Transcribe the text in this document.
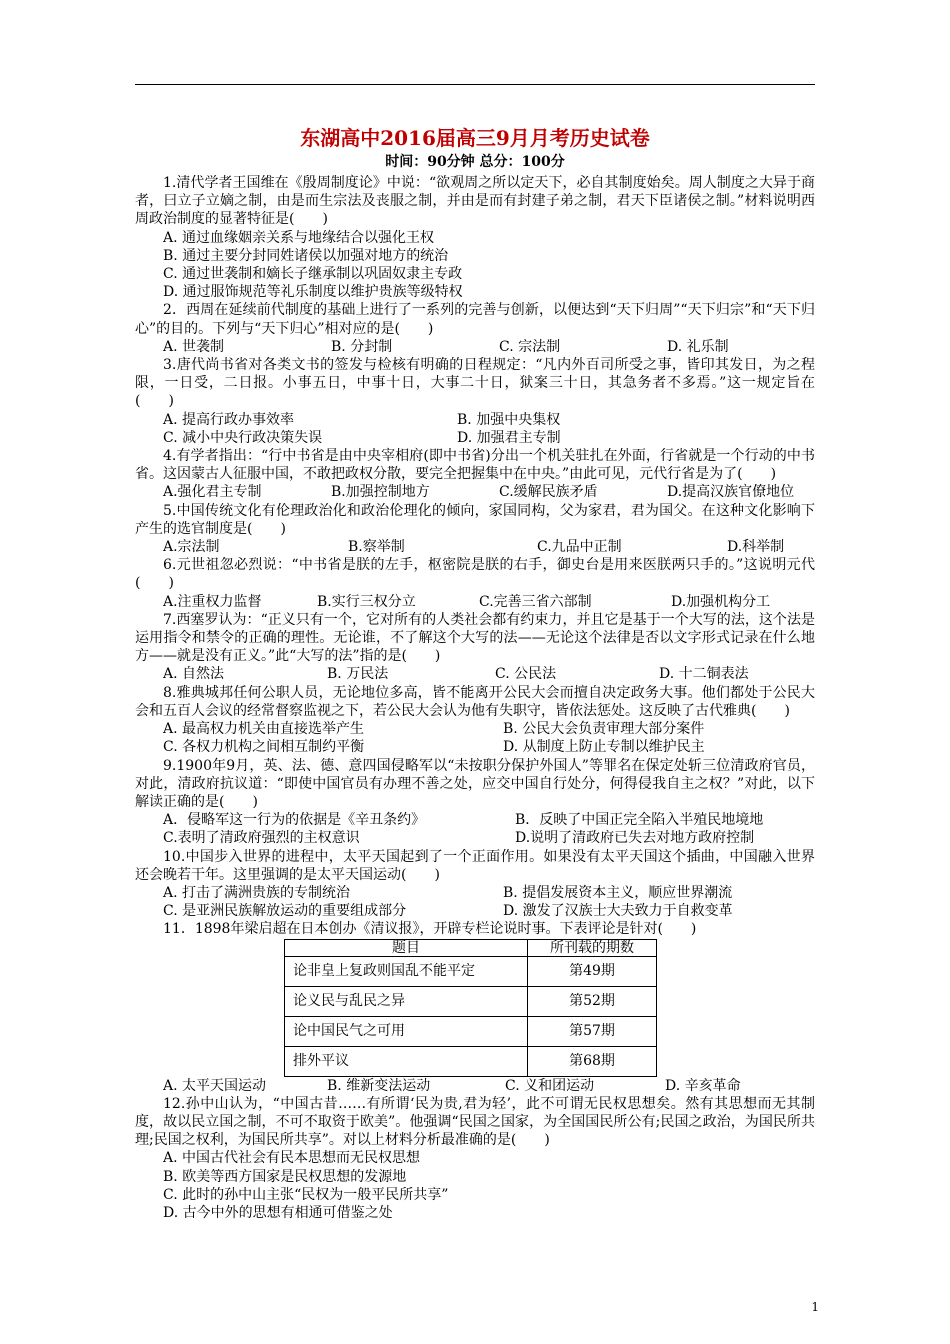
东湖高中2016届高三9月月考历史试卷
时间：90分钟 总分：100分

1.清代学者王国维在《殷周制度论》中说：“欲观周之所以定天下，必自其制度始矣。周人制度之大异于商者，曰立子立嫡之制，由是而生宗法及丧服之制，并由是而有封建子弟之制，君天下臣诸侯之制。”材料说明西周政治制度的显著特征是(　　)

A. 通过血缘姻亲关系与地缘结合以强化王权

B. 通过主要分封同姓诸侯以加强对地方的统治

C. 通过世袭制和嫡长子继承制以巩固奴隶主专政

D. 通过服饰规范等礼乐制度以维护贵族等级特权

2．西周在延续前代制度的基础上进行了一系列的完善与创新，以便达到“天下归周”“天下归宗”和“天下归心”的目的。下列与“天下归心”相对应的是(　　)

A. 世袭制	B. 分封制	C. 宗法制	D. 礼乐制

3.唐代尚书省对各类文书的签发与检核有明确的日程规定：“凡内外百司所受之事，皆印其发日，为之程限，一日受，二日报。小事五日，中事十日，大事二十日，狱案三十日，其急务者不多焉。”这一规定旨在(　　)

A. 提高行政办事效率	B. 加强中央集权
C. 减小中央行政决策失误	D. 加强君主专制

4.有学者指出：“行中书省是由中央宰相府(即中书省)分出一个机关驻扎在外面，行省就是一个行动的中书省。这因蒙古人征服中国，不敢把政权分散，要完全把握集中在中央。”由此可见，元代行省是为了(　　)

A.强化君主专制	B.加强控制地方	C.缓解民族矛盾	D.提高汉族官僚地位

5.中国传统文化有伦理政治化和政治伦理化的倾向，家国同构，父为家君，君为国父。在这种文化影响下产生的选官制度是(　　)

A.宗法制	B.察举制	C.九品中正制	D.科举制

6.元世祖忽必烈说：“中书省是朕的左手，枢密院是朕的右手，御史台是用来医朕两只手的。”这说明元代(　　)

A.注重权力监督	B.实行三权分立	C.完善三省六部制	D.加强机构分工

7.西塞罗认为：“正义只有一个，它对所有的人类社会都有约束力，并且它是基于一个大写的法，这个法是运用指令和禁令的正确的理性。无论谁，不了解这个大写的法——无论这个法律是否以文字形式记录在什么地方——就是没有正义。”此“大写的法”指的是(　　)

A. 自然法	B. 万民法	C. 公民法	D. 十二铜表法

8.雅典城邦任何公职人员，无论地位多高，皆不能离开公民大会而擅自决定政务大事。他们都处于公民大会和五百人会议的经常督察监视之下，若公民大会认为他有失职守，皆依法惩处。这反映了古代雅典(　　)

A. 最高权力机关由直接选举产生	B. 公民大会负责审理大部分案件
C. 各权力机构之间相互制约平衡	D. 从制度上防止专制以维护民主

9.1900年9月，英、法、德、意四国侵略军以“未按职分保护外国人”等罪名在保定处斩三位清政府官员，对此，清政府抗议道：“即使中国官员有办理不善之处，应交中国自行处分，何得侵我自主之权？”对此，以下解读正确的是(　　)

A．侵略军这一行为的依据是《辛丑条约》	B．反映了中国正完全陷入半殖民地境地
C.表明了清政府强烈的主权意识	D.说明了清政府已失去对地方政府控制

10.中国步入世界的进程中，太平天国起到了一个正面作用。如果没有太平天国这个插曲，中国融入世界还会晚若干年。这里强调的是太平天国运动(　　)

A. 打击了满洲贵族的专制统治	B. 提倡发展资本主义，顺应世界潮流
C. 是亚洲民族解放运动的重要组成部分	D. 激发了汉族士大夫致力于自救变革

11．1898年梁启超在日本创办《清议报》，开辟专栏论说时事。下表评论是针对(　　)

题目	所刊载的期数
论非皇上复政则国乱不能平定	第49期
论义民与乱民之异	第52期
论中国民气之可用	第57期
排外平议	第68期
A. 太平天国运动	B. 维新变法运动	C. 义和团运动	D. 辛亥革命

12.孙中山认为，“中国古昔……有所谓‘民为贵,君为轻’，此不可谓无民权思想矣。然有其思想而无其制度，故以民立国之制，不可不取资于欧美”。他强调“民国之国家，为全国国民所公有;民国之政治，为国民所共理;民国之权利，为国民所共享”。对以上材料分析最准确的是(　　)

A. 中国古代社会有民本思想而无民权思想

B. 欧美等西方国家是民权思想的发源地

C. 此时的孙中山主张“民权为一般平民所共享”

D. 古今中外的思想有相通可借鉴之处

1
